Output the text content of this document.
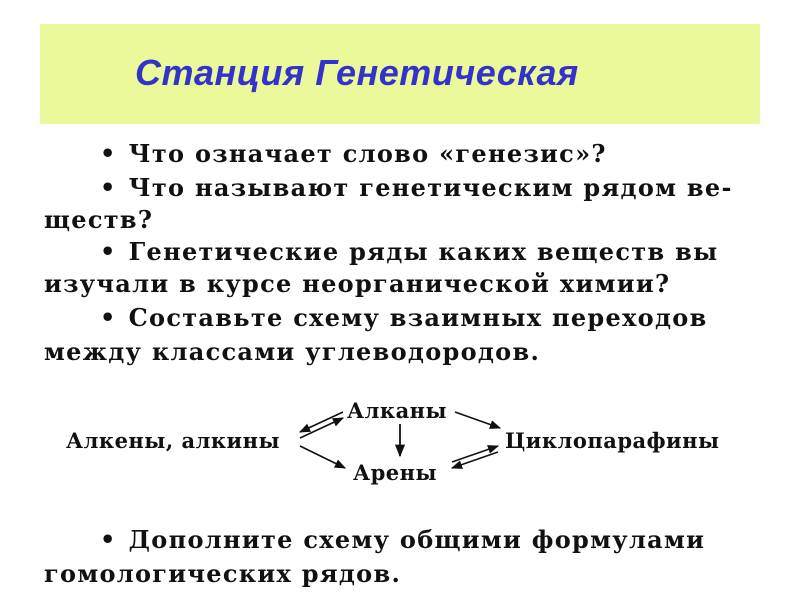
Станция Генетическая
• Что означает слово «генезис»?
• Что называют генетическим рядом ве-
ществ?
• Генетические ряды каких веществ вы
изучали в курсе неорганической химии?
• Составьте схему взаимных переходов
между классами углеводородов.
Алканы
Алкены, алкины	Циклопарафины
Арены
• Дополните схему общими формулами
гомологических рядов.
